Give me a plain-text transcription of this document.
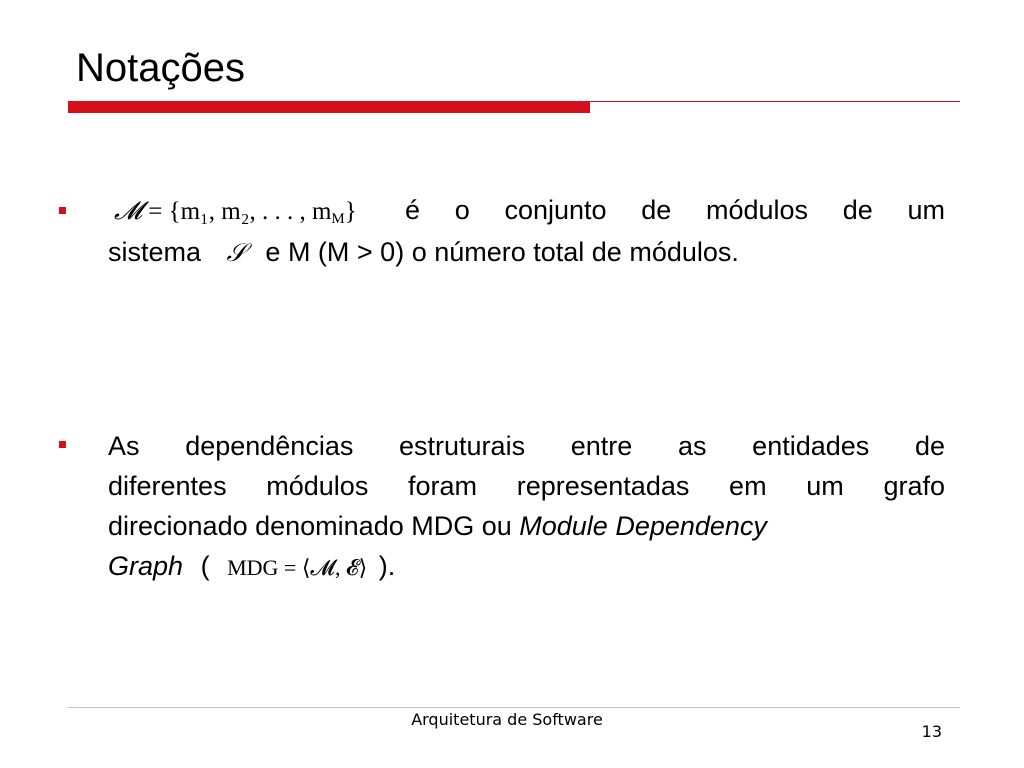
Notações
𝓜 = {m₁, m₂, . . . , $m_M$} é o conjunto de módulos de um
sistema 𝒮 e M (M > 0) o número total de módulos.
As dependências estruturais entre as entidades de
diferentes módulos foram representadas em um grafo
direcionado denominado MDG ou Module Dependency
Graph ( MDG = ⟨𝓜, 𝓔⟩ ).
Arquitetura de Software
13
